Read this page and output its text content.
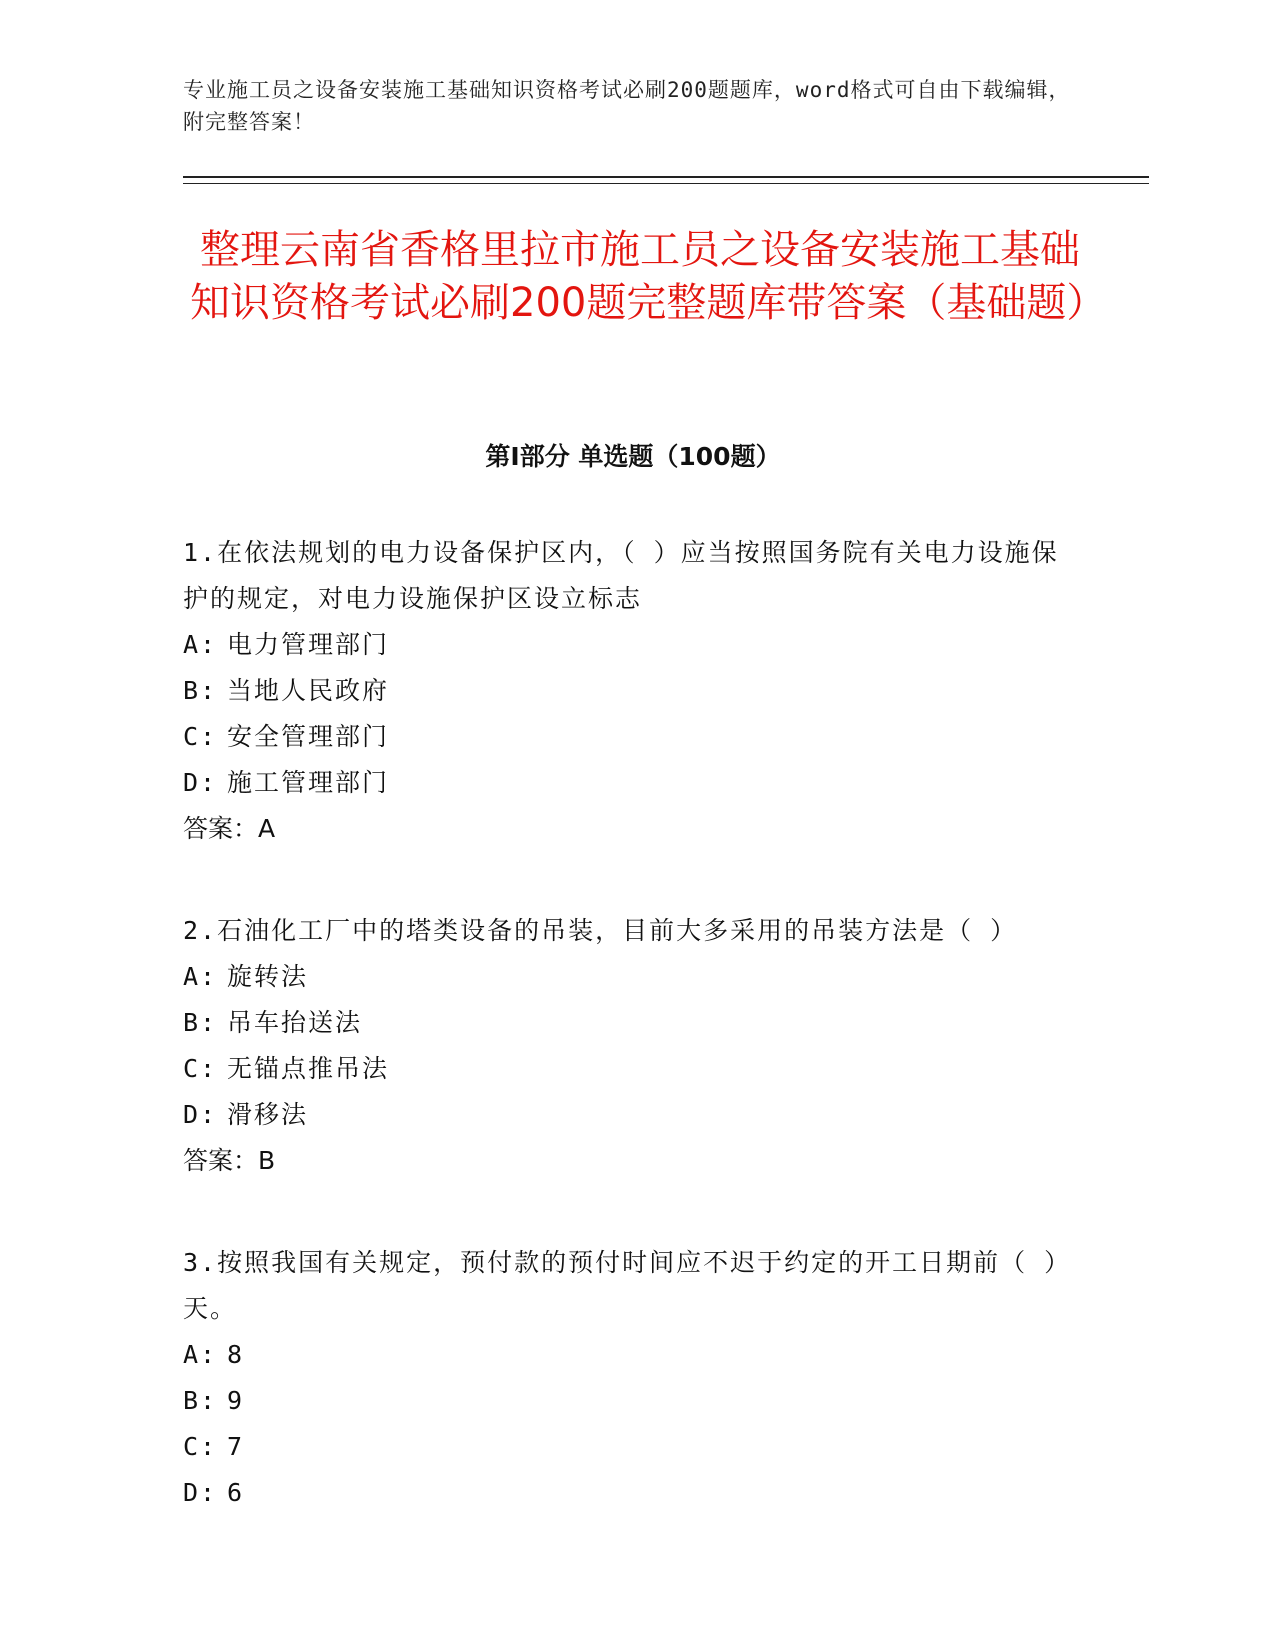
专业施工员之设备安装施工基础知识资格考试必刷200题题库，word格式可自由下载编辑，附完整答案！
整理云南省香格里拉市施工员之设备安装施工基础知识资格考试必刷200题完整题库带答案（基础题）
第Ⅰ部分 单选题（100题）

1.在依法规划的电力设备保护区内，（ ）应当按照国务院有关电力设施保护的规定，对电力设施保护区设立标志

A: 电力管理部门

B: 当地人民政府

C: 安全管理部门

D: 施工管理部门

答案：A

2.石油化工厂中的塔类设备的吊装，目前大多采用的吊装方法是（ ）

A: 旋转法

B: 吊车抬送法

C: 无锚点推吊法

D: 滑移法

答案：B

3.按照我国有关规定，预付款的预付时间应不迟于约定的开工日期前（ ）天。

A: 8

B: 9

C: 7

D: 6
